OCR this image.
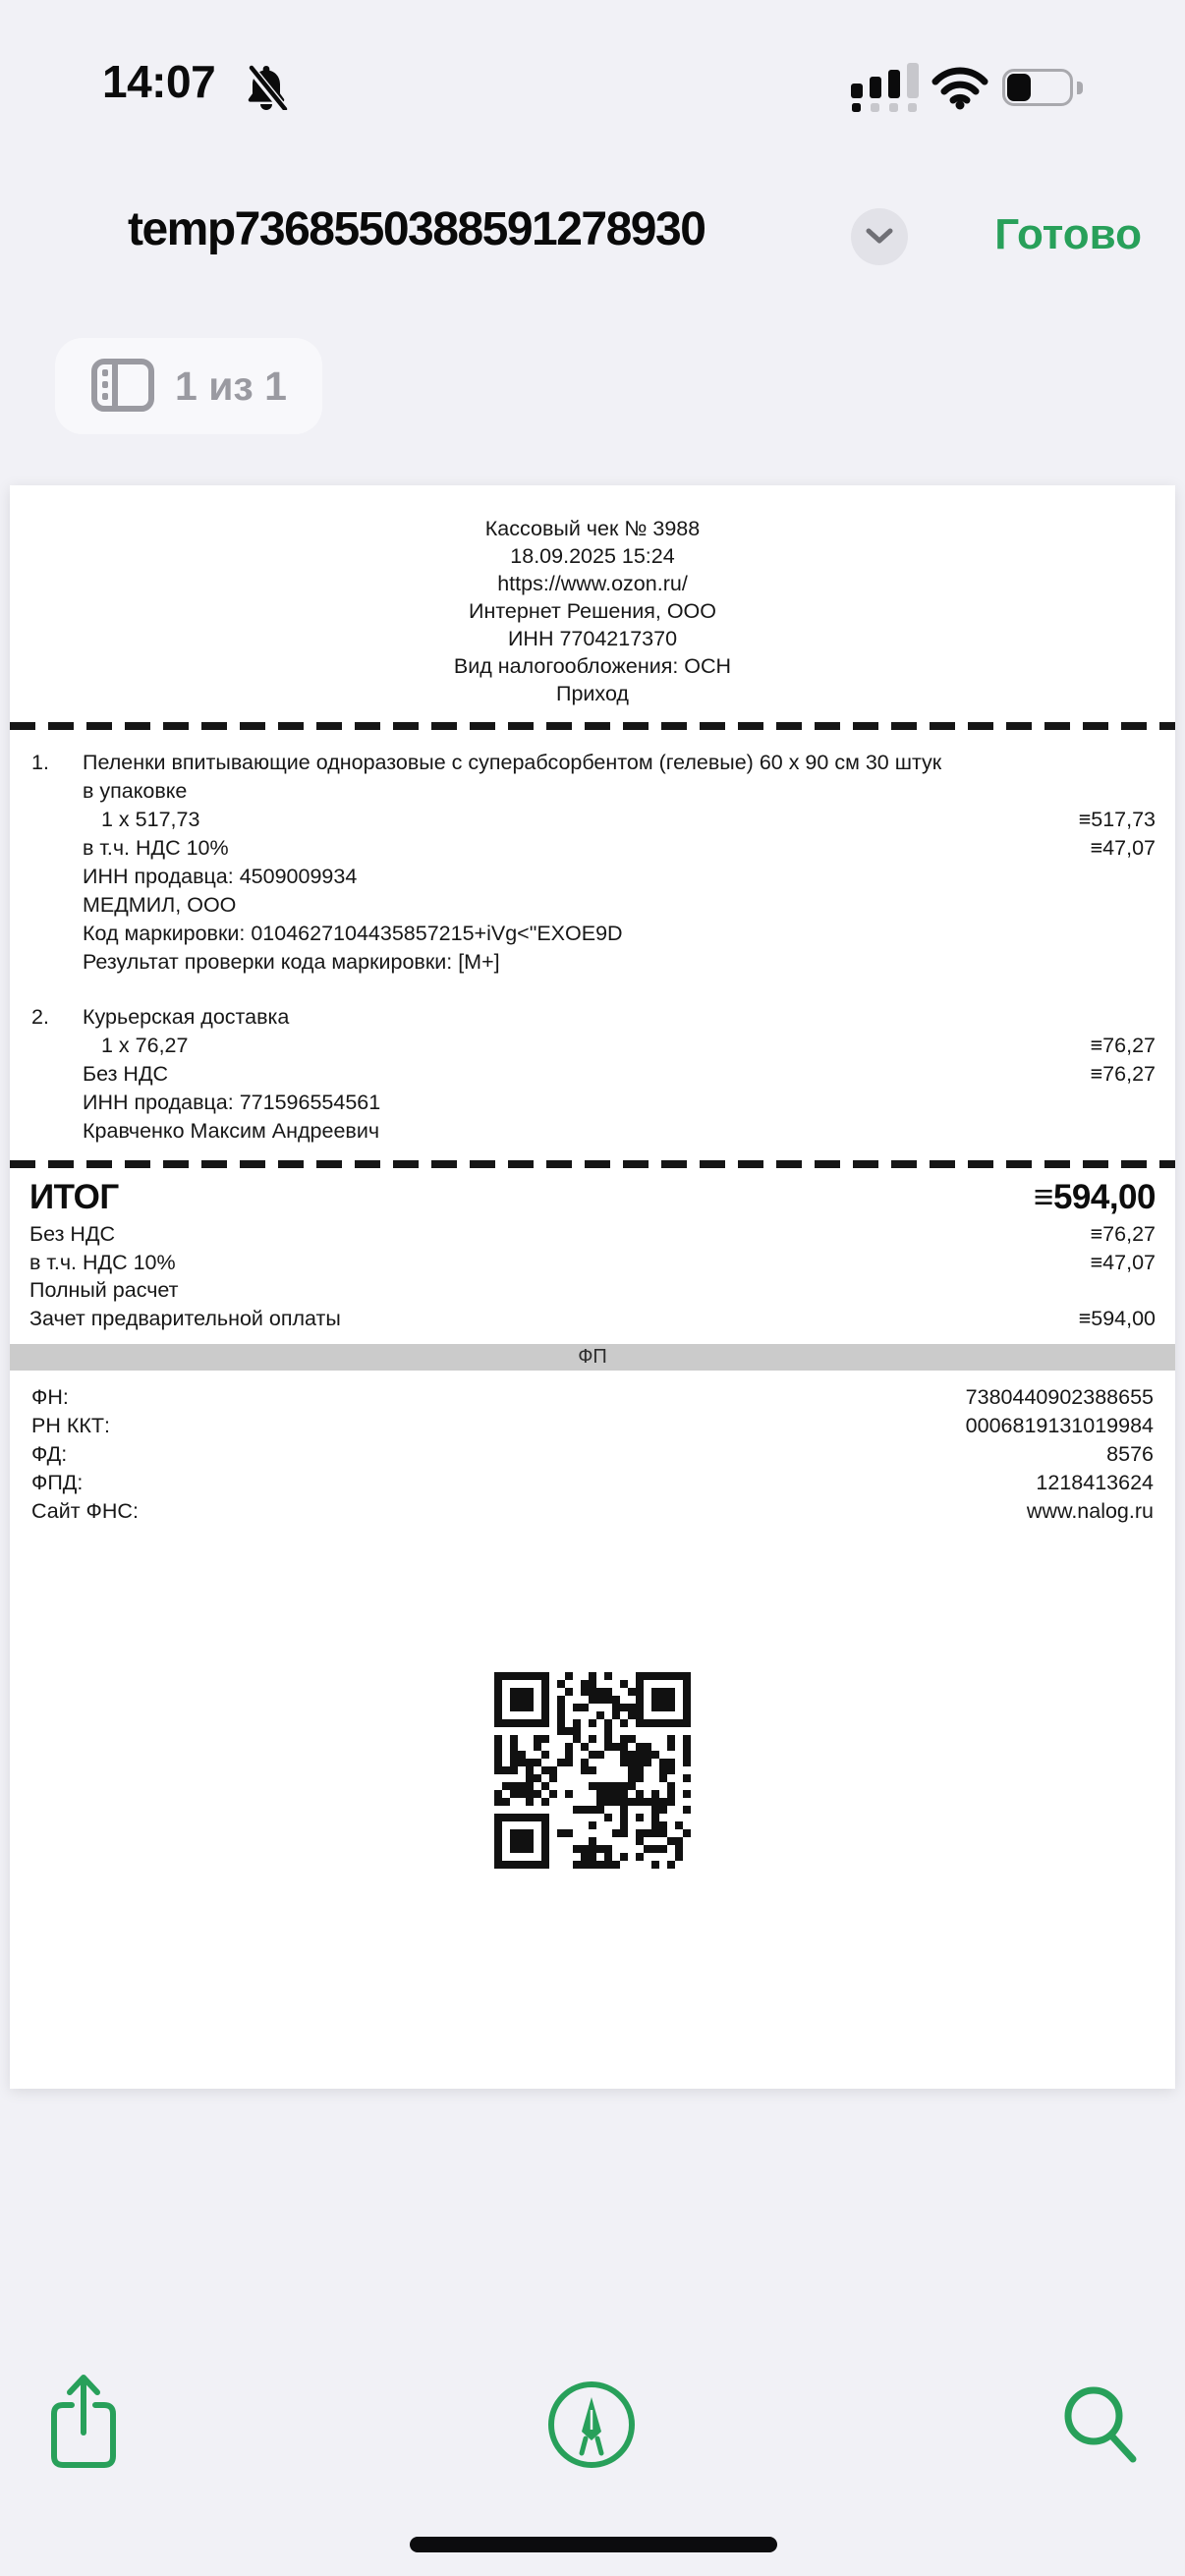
14:07
temp7368550388591278930	Готово
1 из 1
Кассовый чек № 3988
18.09.2025 15:24
https://www.ozon.ru/
Интернет Решения, ООО
ИНН 7704217370
Вид налогообложения: ОСН
Приход
1.	Пеленки впитывающие одноразовые с суперабсорбентом (гелевые) 60 x 90 см 30 штук в упаковке
1 x 517,73	≡517,73
в т.ч. НДС 10%	≡47,07
ИНН продавца: 4509009934
МЕДМИЛ, ООО
Код маркировки: 0104627104435857215+iVg<"EXOE9D
Результат проверки кода маркировки: [М+]
2.	Курьерская доставка
1 x 76,27	≡76,27
Без НДС	≡76,27
ИНН продавца: 771596554561
Кравченко Максим Андреевич
ИТОГ	≡594,00
Без НДС	≡76,27
в т.ч. НДС 10%	≡47,07
Полный расчет
Зачет предварительной оплаты	≡594,00
ФП
ФН:	7380440902388655
РН ККТ:	0006819131019984
ФД:	8576
ФПД:	1218413624
Сайт ФНС:	www.nalog.ru
